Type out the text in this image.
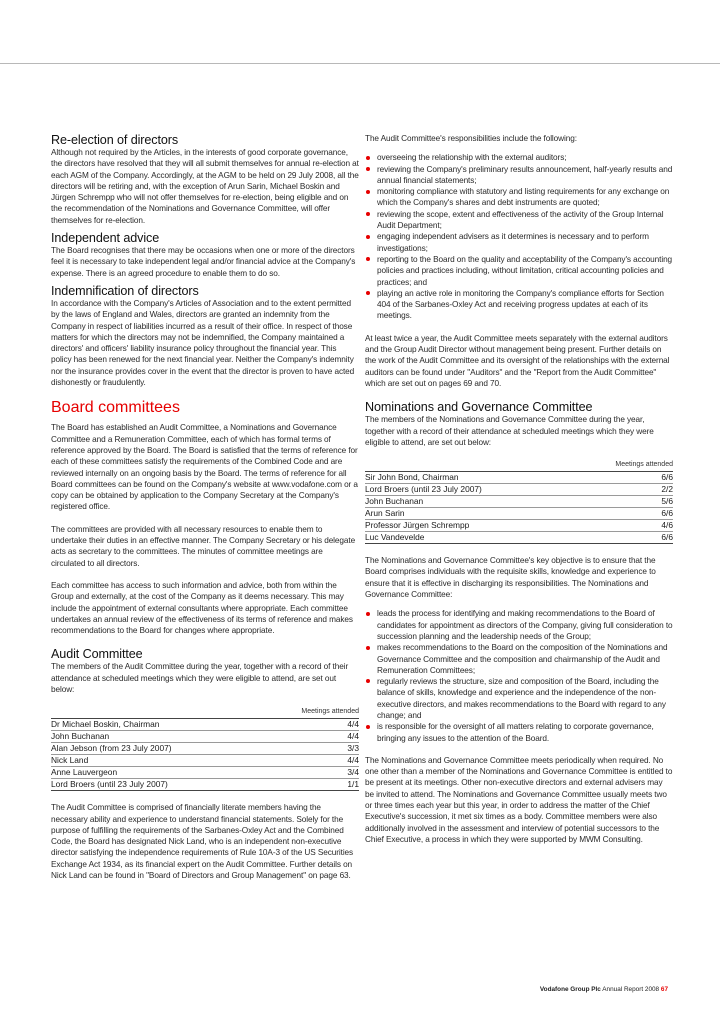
Re-election of directors

Although not required by the Articles, in the interests of good corporate governance, the directors have resolved that they will all submit themselves for annual re-election at each AGM of the Company. Accordingly, at the AGM to be held on 29 July 2008, all the directors will be retiring and, with the exception of Arun Sarin, Michael Boskin and Jürgen Schrempp who will not offer themselves for re-election, being eligible and on the recommendation of the Nominations and Governance Committee, will offer themselves for re-election.

Independent advice

The Board recognises that there may be occasions when one or more of the directors feel it is necessary to take independent legal and/or financial advice at the Company's expense. There is an agreed procedure to enable them to do so.

Indemnification of directors

In accordance with the Company's Articles of Association and to the extent permitted by the laws of England and Wales, directors are granted an indemnity from the Company in respect of liabilities incurred as a result of their office. In respect of those matters for which the directors may not be indemnified, the Company maintained a directors' and officers' liability insurance policy throughout the financial year. This policy has been renewed for the next financial year. Neither the Company's indemnity nor the insurance provides cover in the event that the director is proven to have acted dishonestly or fraudulently.

Board committees

The Board has established an Audit Committee, a Nominations and Governance Committee and a Remuneration Committee, each of which has formal terms of reference approved by the Board. The Board is satisfied that the terms of reference for each of these committees satisfy the requirements of the Combined Code and are reviewed internally on an ongoing basis by the Board. The terms of reference for all Board committees can be found on the Company's website at www.vodafone.com or a copy can be obtained by application to the Company Secretary at the Company's registered office.

The committees are provided with all necessary resources to enable them to undertake their duties in an effective manner. The Company Secretary or his delegate acts as secretary to the committees. The minutes of committee meetings are circulated to all directors.

Each committee has access to such information and advice, both from within the Group and externally, at the cost of the Company as it deems necessary. This may include the appointment of external consultants where appropriate. Each committee undertakes an annual review of the effectiveness of its terms of reference and makes recommendations to the Board for changes where appropriate.

Audit Committee

The members of the Audit Committee during the year, together with a record of their attendance at scheduled meetings which they were eligible to attend, are set out below:

	Meetings attended
Dr Michael Boskin, Chairman	4/4
John Buchanan	4/4
Alan Jebson (from 23 July 2007)	3/3
Nick Land	4/4
Anne Lauvergeon	3/4
Lord Broers (until 23 July 2007)	1/1

The Audit Committee is comprised of financially literate members having the necessary ability and experience to understand financial statements. Solely for the purpose of fulfilling the requirements of the Sarbanes-Oxley Act and the Combined Code, the Board has designated Nick Land, who is an independent non-executive director satisfying the independence requirements of Rule 10A-3 of the US Securities Exchange Act 1934, as its financial expert on the Audit Committee. Further details on Nick Land can be found in "Board of Directors and Group Management" on page 63.

The Audit Committee's responsibilities include the following:

overseeing the relationship with the external auditors;
reviewing the Company's preliminary results announcement, half-yearly results and annual financial statements;
monitoring compliance with statutory and listing requirements for any exchange on which the Company's shares and debt instruments are quoted;
reviewing the scope, extent and effectiveness of the activity of the Group Internal Audit Department;
engaging independent advisers as it determines is necessary and to perform investigations;
reporting to the Board on the quality and acceptability of the Company's accounting policies and practices including, without limitation, critical accounting policies and practices; and
playing an active role in monitoring the Company's compliance efforts for Section 404 of the Sarbanes-Oxley Act and receiving progress updates at each of its meetings.

At least twice a year, the Audit Committee meets separately with the external auditors and the Group Audit Director without management being present. Further details on the work of the Audit Committee and its oversight of the relationships with the external auditors can be found under "Auditors" and the "Report from the Audit Committee" which are set out on pages 69 and 70.

Nominations and Governance Committee

The members of the Nominations and Governance Committee during the year, together with a record of their attendance at scheduled meetings which they were eligible to attend, are set out below:

	Meetings attended
Sir John Bond, Chairman	6/6
Lord Broers (until 23 July 2007)	2/2
John Buchanan	5/6
Arun Sarin	6/6
Professor Jürgen Schrempp	4/6
Luc Vandevelde	6/6

The Nominations and Governance Committee's key objective is to ensure that the Board comprises individuals with the requisite skills, knowledge and experience to ensure that it is effective in discharging its responsibilities. The Nominations and Governance Committee:

leads the process for identifying and making recommendations to the Board of candidates for appointment as directors of the Company, giving full consideration to succession planning and the leadership needs of the Group;
makes recommendations to the Board on the composition of the Nominations and Governance Committee and the composition and chairmanship of the Audit and Remuneration Committees;
regularly reviews the structure, size and composition of the Board, including the balance of skills, knowledge and experience and the independence of the non-executive directors, and makes recommendations to the Board with regard to any change; and
is responsible for the oversight of all matters relating to corporate governance, bringing any issues to the attention of the Board.

The Nominations and Governance Committee meets periodically when required. No one other than a member of the Nominations and Governance Committee is entitled to be present at its meetings. Other non-executive directors and external advisers may be invited to attend. The Nominations and Governance Committee usually meets two or three times each year but this year, in order to address the matter of the Chief Executive's succession, it met six times as a body. Committee members were also additionally involved in the assessment and interview of potential successors to the Chief Executive, a process in which they were supported by MWM Consulting.

Vodafone Group Plc Annual Report 2008 67
